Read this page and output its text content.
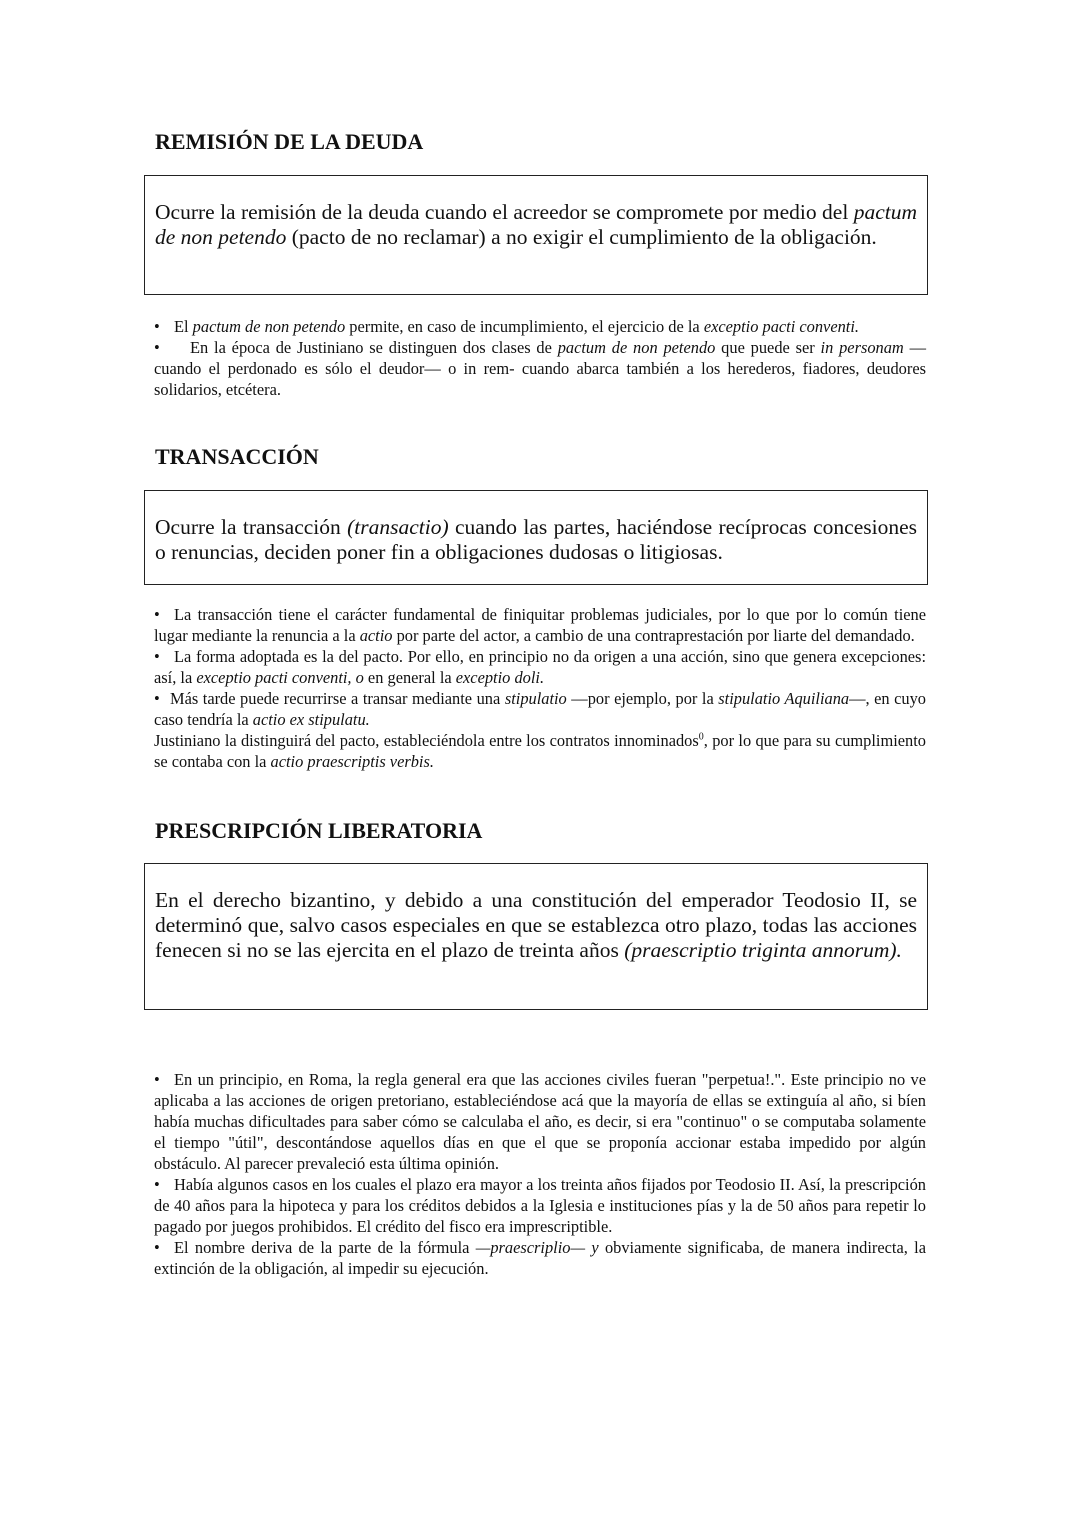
REMISIÓN DE LA DEUDA
Ocurre la remisión de la deuda cuando el acreedor se compromete por medio del pactum de non petendo (pacto de no reclamar) a no exigir el cumplimiento de la obligación.

• El pactum de non petendo permite, en caso de incumplimiento, el ejercicio de la exceptio pacti conventi.

• En la época de Justiniano se distinguen dos clases de pactum de non petendo que puede ser in personam —cuando el perdonado es sólo el deudor— o in rem- cuando abarca también a los herederos, fiadores, deudores solidarios, etcétera.

TRANSACCIÓN
Ocurre la transacción (transactio) cuando las partes, haciéndose recíprocas concesiones o renuncias, deciden poner fin a obligaciones dudosas o litigiosas.

• La transacción tiene el carácter fundamental de finiquitar problemas judiciales, por lo que por lo común tiene lugar mediante la renuncia a la actio por parte del actor, a cambio de una contraprestación por liarte del demandado.

• La forma adoptada es la del pacto. Por ello, en principio no da origen a una acción, sino que genera excepciones: así, la exceptio pacti conventi, o en general la exceptio doli.

• Más tarde puede recurrirse a transar mediante una stipulatio —por ejemplo, por la stipulatio Aquiliana—, en cuyo caso tendría la actio ex stipulatu.

Justiniano la distinguirá del pacto, estableciéndola entre los contratos innominados$^0$, por lo que para su cumplimiento se contaba con la actio praescriptis verbis.

PRESCRIPCIÓN LIBERATORIA
En el derecho bizantino, y debido a una constitución del emperador Teodosio II, se determinó que, salvo casos especiales en que se establezca otro plazo, todas las acciones fenecen si no se las ejercita en el plazo de treinta años (praescriptio triginta annorum).

• En un principio, en Roma, la regla general era que las acciones civiles fueran "perpetua!.". Este principio no ve aplicaba a las acciones de origen pretoriano, estableciéndose acá que la mayoría de ellas se extinguía al año, si bíen había muchas dificultades para saber cómo se calculaba el año, es decir, si era "continuo" o se computaba solamente el tiempo "útil", descontándose aquellos días en que el que se proponía accionar estaba impedido por algún obstáculo. Al parecer prevaleció esta última opinión.

• Había algunos casos en los cuales el plazo era mayor a los treinta años fijados por Teodosio II. Así, la prescripción de 40 años para la hipoteca y para los créditos debidos a la Iglesia e instituciones pías y la de 50 años para repetir lo pagado por juegos prohibidos. El crédito del fisco era imprescriptible.

• El nombre deriva de la parte de la fórmula —praescriplio— y obviamente significaba, de manera indirecta, la extinción de la obligación, al impedir su ejecución.
